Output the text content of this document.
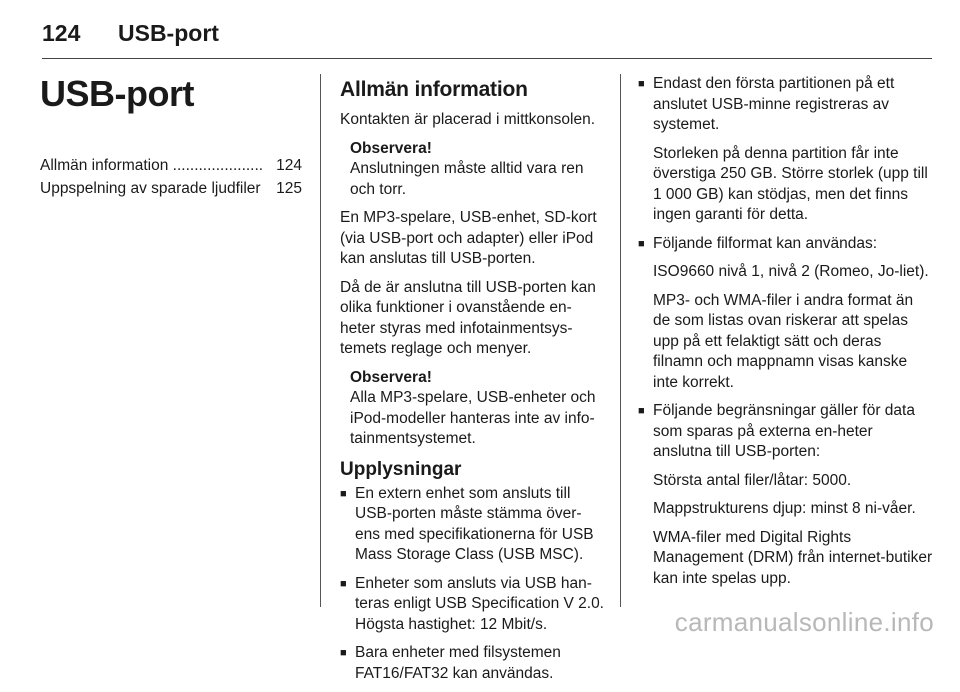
124 USB-port
USB-port
Allmän information ..................... 124
Uppspelning av sparade ljudfiler	125
Allmän information

Kontakten är placerad i mittkonsolen.

Observera!
Anslutningen måste alltid vara ren och torr.

En MP3-spelare, USB-enhet, SD-kort (via USB-port och adapter) eller iPod kan anslutas till USB-porten.

Då de är anslutna till USB-porten kan olika funktioner i ovanstående en-heter styras med infotainmentsys-temets reglage och menyer.

Observera!
Alla MP3-spelare, USB-enheter och iPod-modeller hanteras inte av info-tainmentsystemet.
Upplysningar
■ En extern enhet som ansluts till USB-porten måste stämma över-ens med specifikationerna för USB Mass Storage Class (USB MSC).
■ Enheter som ansluts via USB han-teras enligt USB Specification V 2.0. Högsta hastighet: 12 Mbit/s.
■ Bara enheter med filsystemen FAT16/FAT32 kan användas.
■ Endast den första partitionen på ett anslutet USB-minne registreras av systemet.
Storleken på denna partition får inte överstiga 250 GB. Större storlek (upp till 1 000 GB) kan stödjas, men det finns ingen garanti för detta.
■ Följande filformat kan användas:
ISO9660 nivå 1, nivå 2 (Romeo, Jo-liet).
MP3- och WMA-filer i andra format än de som listas ovan riskerar att spelas upp på ett felaktigt sätt och deras filnamn och mappnamn visas kanske inte korrekt.
■ Följande begränsningar gäller för data som sparas på externa en-heter anslutna till USB-porten:
Största antal filer/låtar: 5000.
Mappstrukturens djup: minst 8 ni-våer.
WMA-filer med Digital Rights Management (DRM) från internet-butiker kan inte spelas upp.
carmanualsonline.info
